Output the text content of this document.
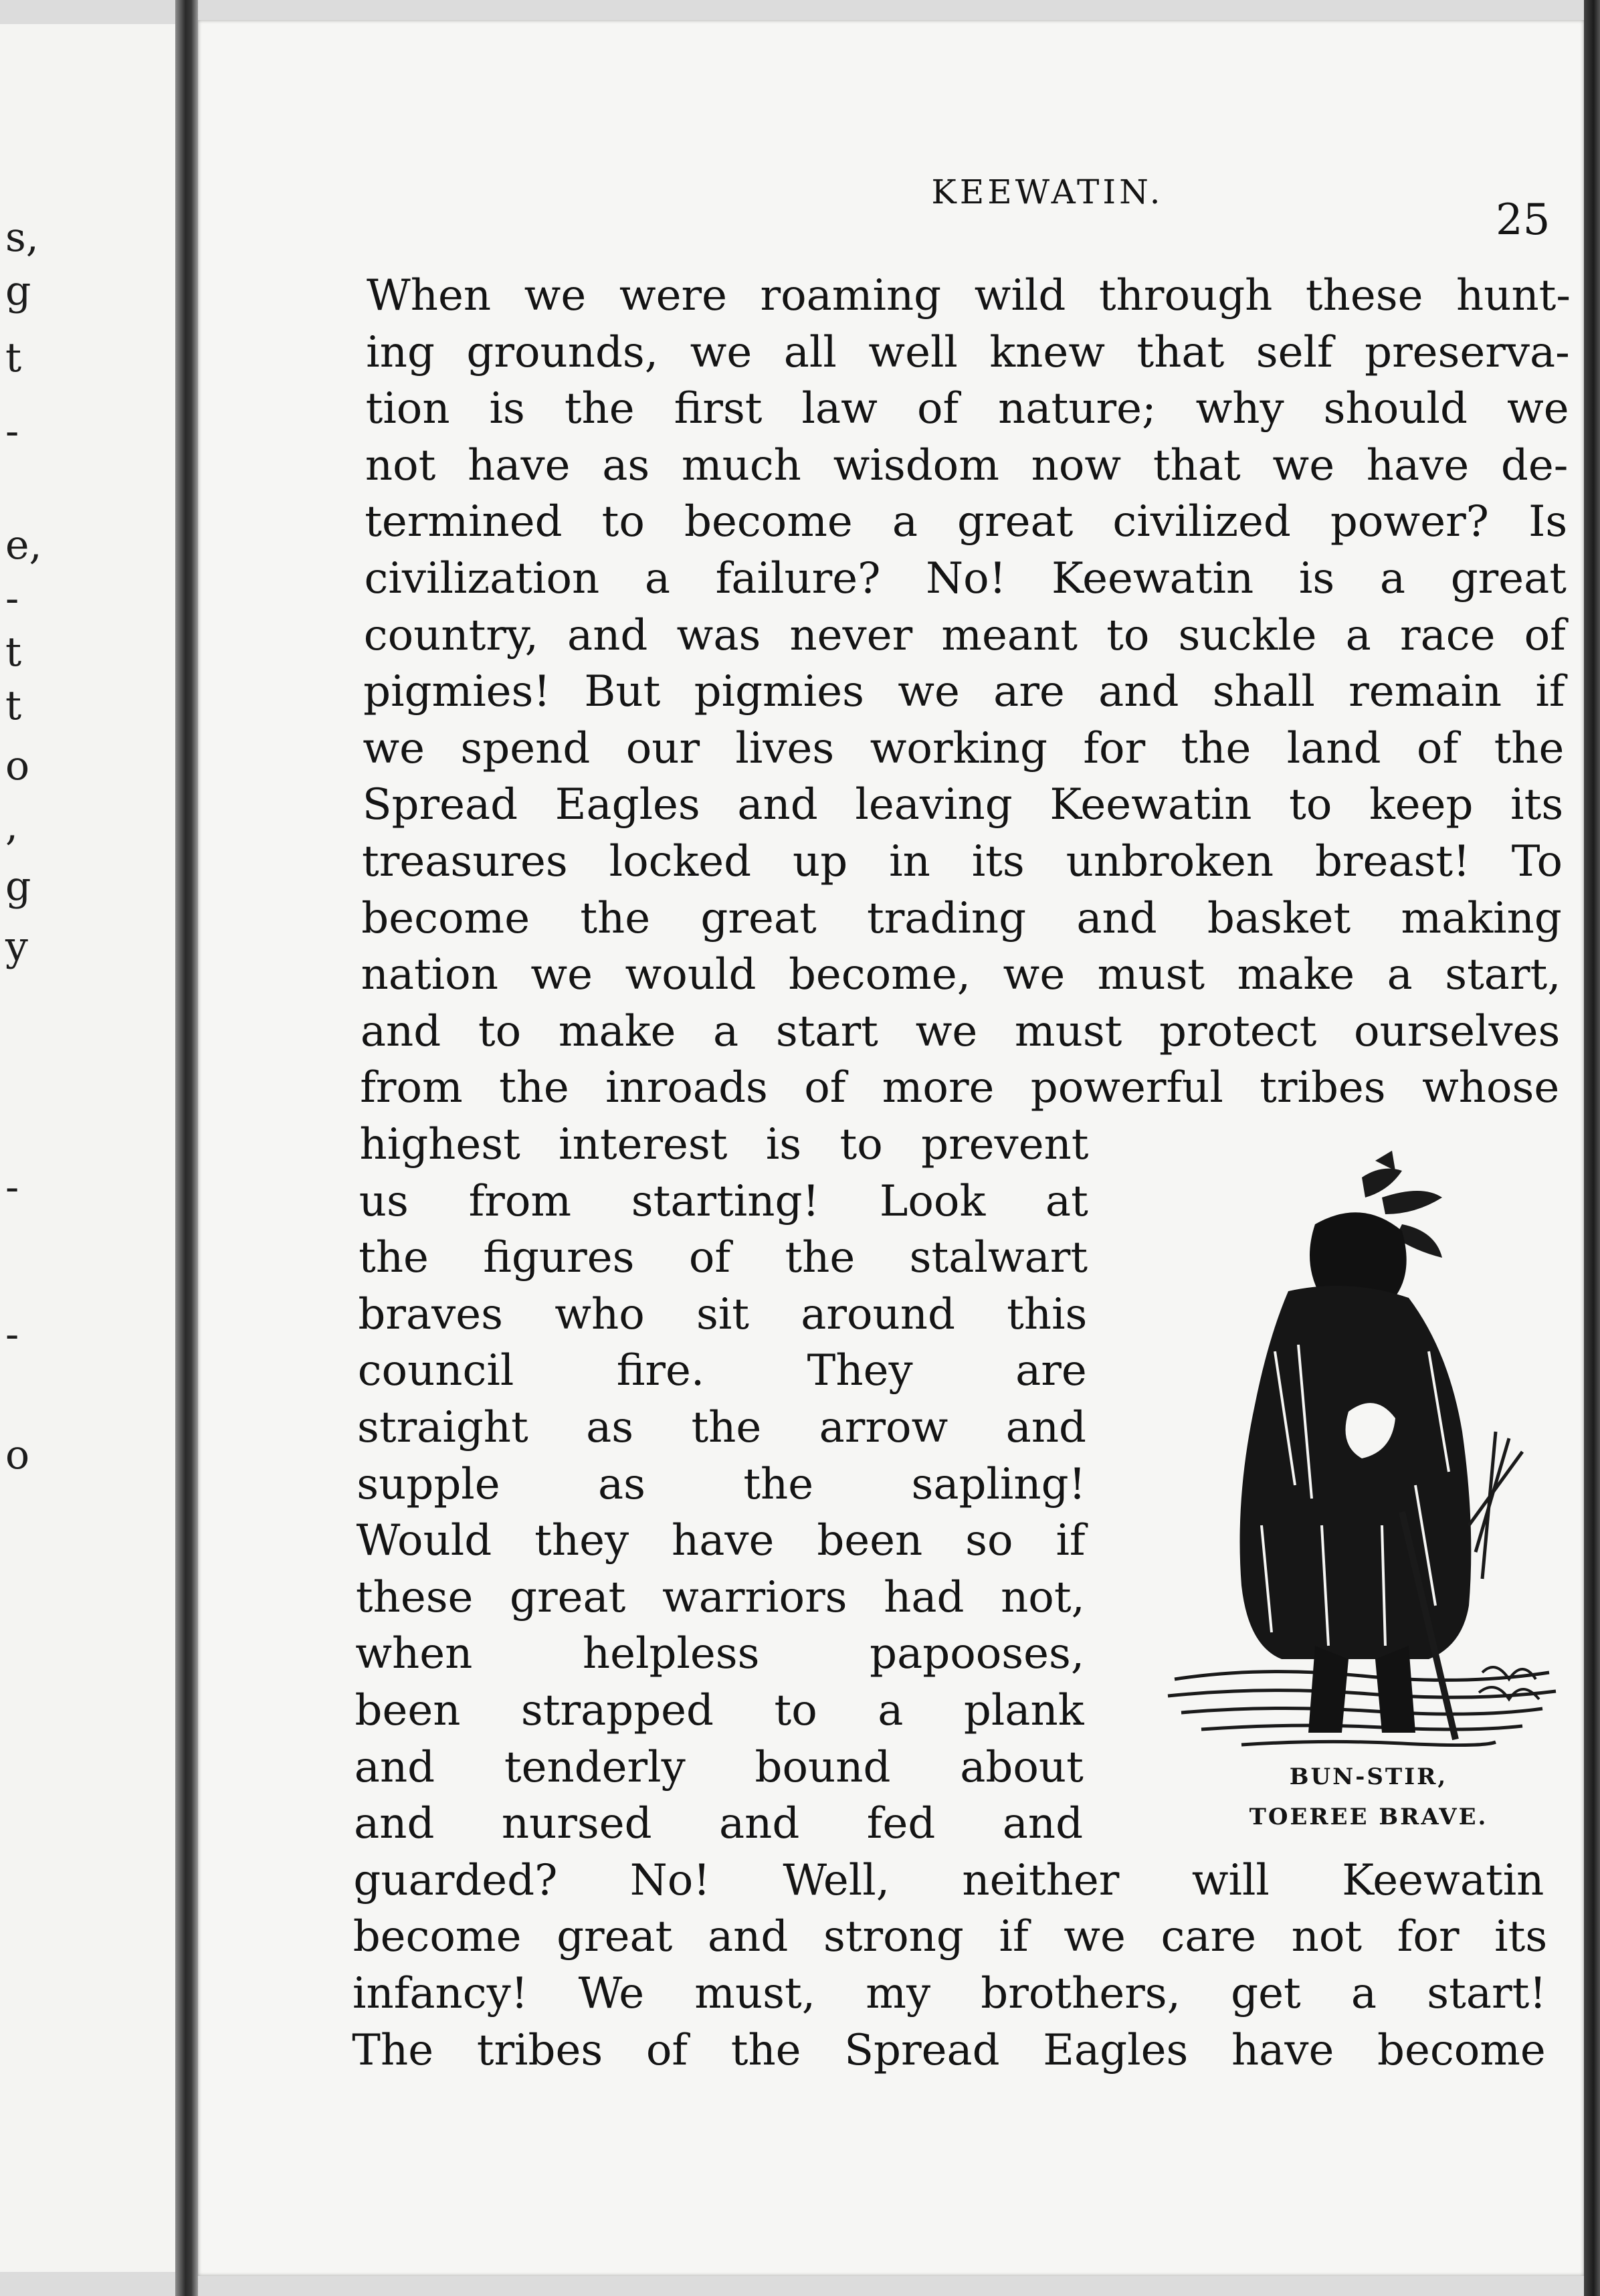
s,
g
t
-
e,
-
t
t
o
,
g
y
-
-
o
KEEWATIN.
25
When we were roaming wild through these hunt-
ing grounds, we all well knew that self preserva-
tion is the first law of nature; why should we
not have as much wisdom now that we have de-
termined to become a great civilized power? Is
civilization a failure? No! Keewatin is a great
country, and was never meant to suckle a race of
pigmies! But pigmies we are and shall remain if
we spend our lives working for the land of the
Spread Eagles and leaving Keewatin to keep its
treasures locked up in its unbroken breast! To
become the great trading and basket making
nation we would become, we must make a start,
and to make a start we must protect ourselves
from the inroads of more powerful tribes whose
highest interest is to prevent
us from starting! Look at
the figures of the stalwart
braves who sit around this
council fire. They are
straight as the arrow and
supple as the sapling!
Would they have been so if
these great warriors had not,
when helpless papooses,
been strapped to a plank
and tenderly bound about
and nursed and fed and
guarded? No! Well, neither will Keewatin
become great and strong if we care not for its
infancy! We must, my brothers, get a start!
The tribes of the Spread Eagles have become
BUN-STIR,
TOEREE BRAVE.
